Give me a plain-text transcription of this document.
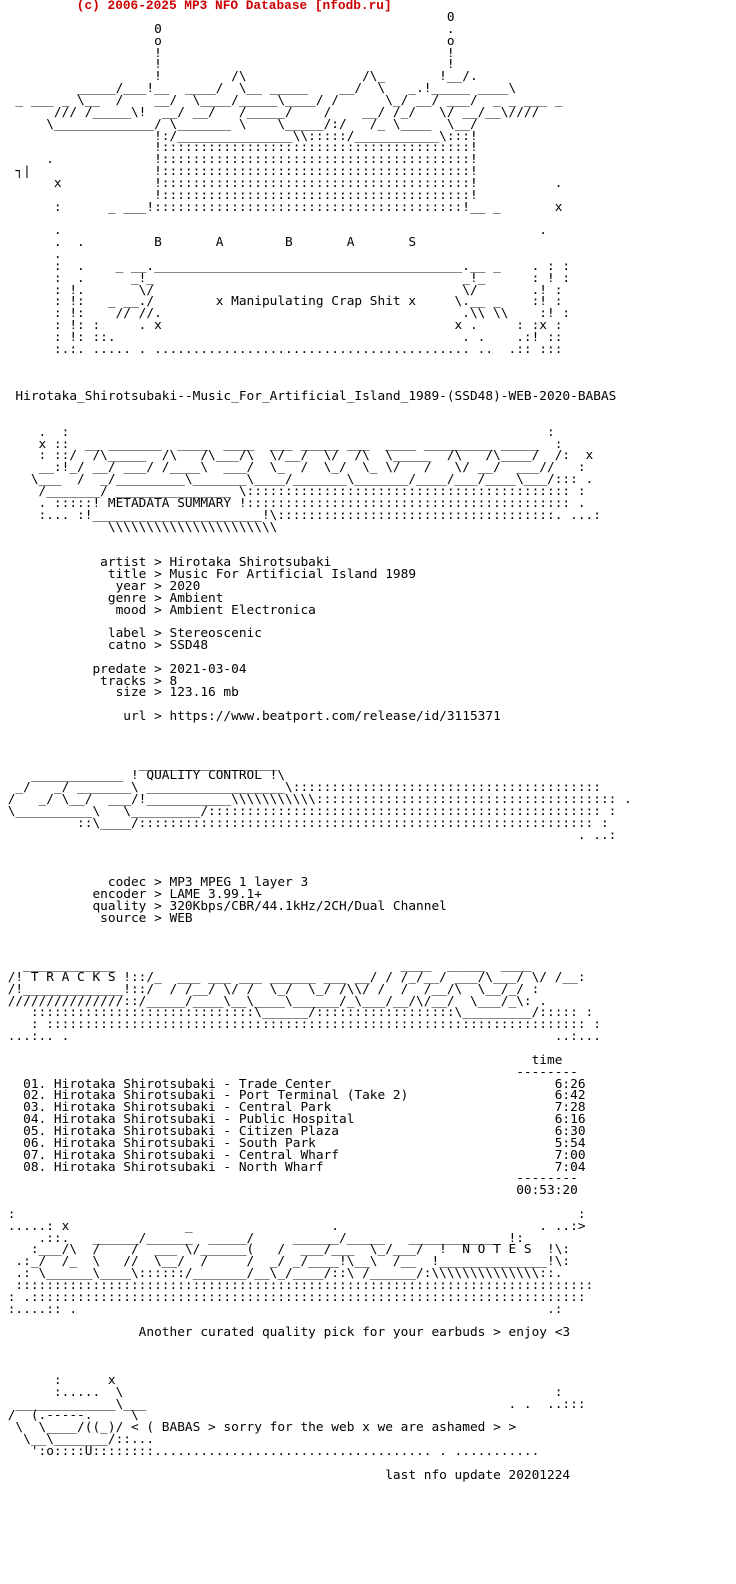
(c) 2006-2025 MP3 NFO Database [nfodb.ru]
0
0                                     .
o                                     o
!                                     !
!                                     !
!         /\               /\_       !__/.
_____/___!__  ____/  \__ _____    __/  \   _.!_____ ____\
_ ___ _ \__  /    __/  \____/_____\____/ /      \_/ __/ ___/  _ _ ___ _
/// /_____\!  __/ __/   /_____/    /    __/ /_/   \/ __/__\////
\_____________/ \_______ \    \_____/:/   /_ \____  \__/
!:/_______________\\:::::/___________\:::!
!::::::::::::::::::::::::::::::::::::::::!
.             !::::::::::::::::::::::::::::::::::::::::!
┐|                !::::::::::::::::::::::::::::::::::::::::!
x            !::::::::::::::::::::::::::::::::::::::::!          .
!::::::::::::::::::::::::::::::::::::::::!
:      _ ___!::::::::::::::::::::::::::::::::::::::::!__ _       x
.                                                              .
.  .         B       A        B       A       S
.
:  .    _ __.________________________________________.__ _    . : :
:  .      _!_                                        _!_      : ! :
: !.       \/                                        \/       .! :
: !:   _ __./        x Manipulating Crap Shit x     \.__ _    :! :
: !:    // //.                                       .\\ \\    :! :
: !: :     . x                                      x .     : :x :
: !: ::.                                             . .    .:! ::
:.:. ..... . ......................................... ..  .:: :::
Hirotaka_Shirotsubaki--Music_For_Artificial_Island_1989-(SSD48)-WEB-2020-BABAS
.  :                                                              :
x ::  __ _______  ____  ____  ___ _____ ___  ____ _________ _____  :
: ::/  /\_____  /\   /\___/\  \/__/  \/  /\  \_____  /\   /\____/  /:  x
__:!_/ __/ ___/ /____\  ___/  \_  /  \_/  \_ \/   /   \/ __/  ___//   :
\___  /  _/_________\_______\____/_______\_______/____/___/____\___/::: .
/_______/ _______________ \:::::::::::::::::::::::::::::::::::::::::: :
. :::::! METADATA SUMMARY !:::::::::::::::::::::::::::::::::::::::::: .
:... :!______________________!\::::::::::::::::::::::::::::::::::::. ...:
\\\\\\\\\\\\\\\\\\\\\\
artist > Hirotaka Shirotsubaki
title > Music For Artificial Island 1989
year > 2020
genre > Ambient
mood > Ambient Electronica
label > Stereoscenic
catno > SSD48
predate > 2021-03-04
tracks > 8
size > 123.16 mb
url > https://www.beatport.com/release/id/3115371
__________________
____________ ! QUALITY CONTROL !\
_/   _/ _______\ __________________\::::::::::::::::::::::::::::::::::::::::
/   _/ \__/  ___/!___________\\\\\\\\\\\::::::::::::::::::::::::::::::::::::::: .
\__________\   \_________/::::::::::::::::::::::::::::::::::::::::::::::::::: :
::\____/::::::::::::::::::::::::::::::::::::::::::::::::::::::::::: :
. ..:
codec > MP3 MPEG 1 layer 3
encoder > LAME 3.99.1+
quality > 320Kbps/CBR/44.1kHz/2CH/Dual Channel
source > WEB
____________                                     ____  _____  ____
/! T R A C K S !::/_  ___ ___ ___ ______ ___ __/ / /_/__/ ___/\___/ \/ /__:
/!_____________!::/  / /__/ \/ /  \_/  \_/ /\\/ /  /  /__/\  \__/_/ :
///////////////::/_____/____\__\____\______/_\___/__/\/__/  \___/_\: .
:::::::::::::::::::::::::::::\______/::::::::::::::::::\_________/::::: :
: :::::::::::::::::::::::::::::::::::::::::::::::::::::::::::::::::::::: :
...:.. .                                                               ..:...
time
--------
01. Hirotaka Shirotsubaki - Trade Center                             6:26
02. Hirotaka Shirotsubaki - Port Terminal (Take 2)                   6:42
03. Hirotaka Shirotsubaki - Central Park                             7:28
04. Hirotaka Shirotsubaki - Public Hospital                          6:16
05. Hirotaka Shirotsubaki - Citizen Plaza                            6:30
06. Hirotaka Shirotsubaki - South Park                               5:54
07. Hirotaka Shirotsubaki - Central Wharf                            7:00
08. Hirotaka Shirotsubaki - North Wharf                              7:04
--------
00:53:20
:                                                                         :
.....: x               _                  .                          . ..:>
.::.   ______/______  _____/     ______/_____   ____________ !:
:___/\  /    /  ___ \/______(   /  ___/___  \_/___/  !  N O T E S  !\:
.:_/  /_  \   //  \__/  /     /  _/ _/____!\__\  /__  !______________!\:
.: \______\____\::::::/_______/__\_/____/::\ /______/:\\\\\\\\\\\\\\::.
:::::::::::::::::::::::::::::::::::::::::::::::::::::::::::::::::::::::::::
: .::::::::::::::::::::::::::::::::::::::::::::::::::::::::::::::::::::::::
:....:: .                                                             .:
Another curated quality pick for your earbuds > enjoy <3
:      x
:.....  \                                                        :
_____________\___                                               . .  ..:::
/  (.-----.     \
\  \____/((_)/ < ( BABAS > sorry for the web x we are ashamed > >
\__\_______/::...
':o::::U::::::::.................................... . ...........
last nfo update 20201224
